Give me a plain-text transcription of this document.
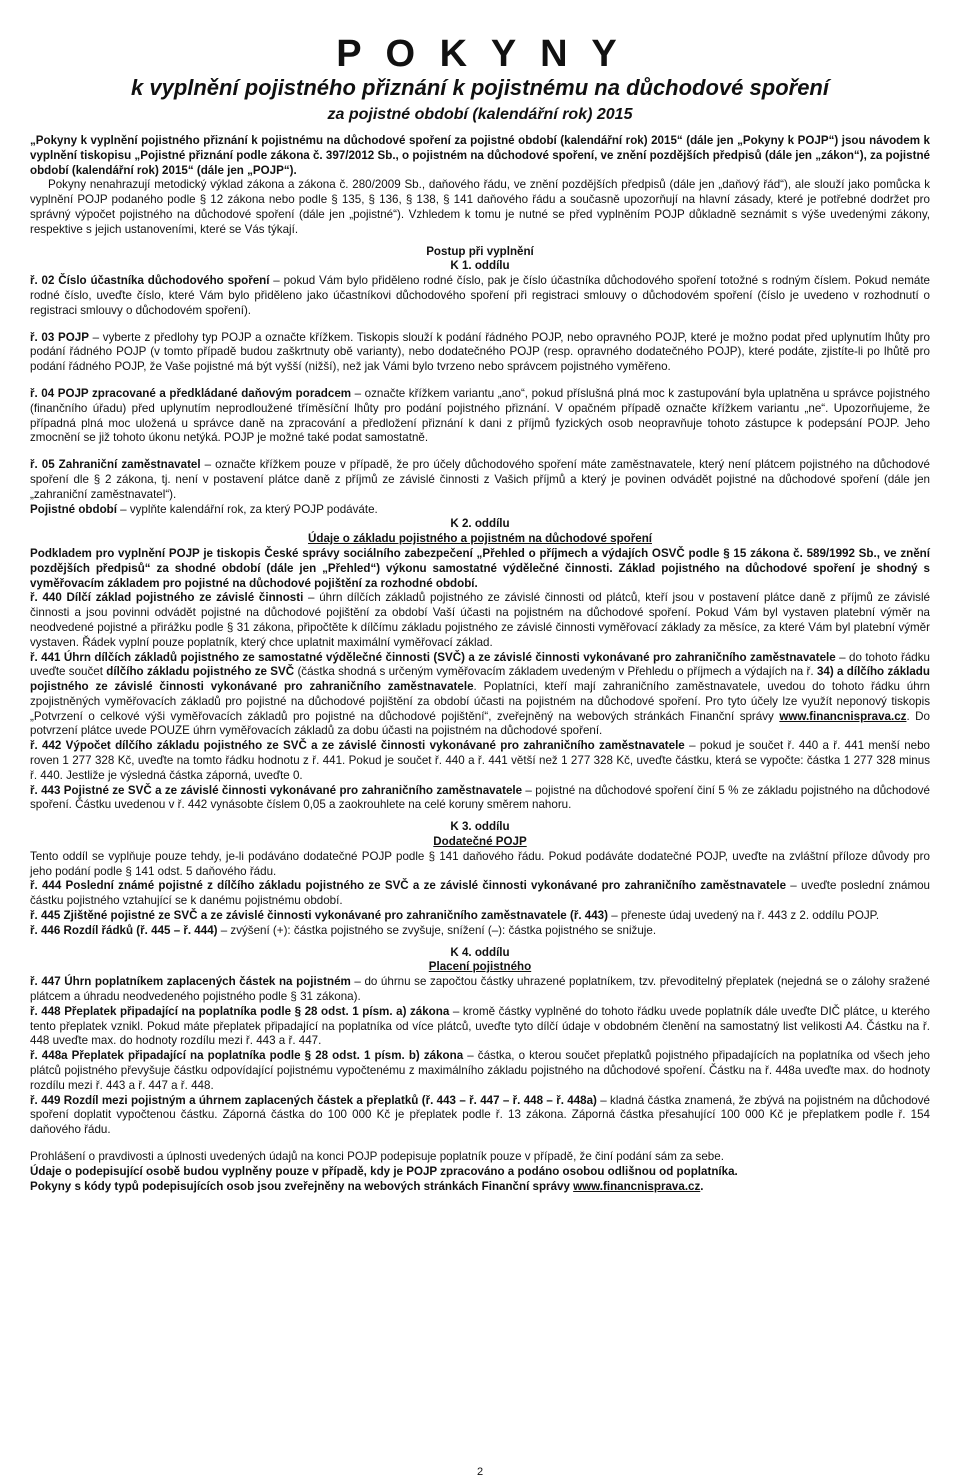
P O K Y N Y
k vyplnění pojistného přiznání k pojistnému na důchodové spoření
za pojistné období (kalendářní rok) 2015

„Pokyny k vyplnění pojistného přiznání k pojistnému na důchodové spoření za pojistné období (kalendářní rok) 2015“ (dále jen „Pokyny k POJP“) jsou návodem k vyplnění tiskopisu „Pojistné přiznání podle zákona č. 397/2012 Sb., o pojistném na důchodové spoření, ve znění pozdějších předpisů (dále jen „zákon“), za pojistné období (kalendářní rok) 2015“ (dále jen „POJP“).

Pokyny nenahrazují metodický výklad zákona a zákona č. 280/2009 Sb., daňového řádu, ve znění pozdějších předpisů (dále jen „daňový řád“), ale slouží jako pomůcka k vyplnění POJP podaného podle § 12 zákona nebo podle § 135, § 136, § 138, § 141 daňového řádu a současně upozorňují na hlavní zásady, které je potřebné dodržet pro správný výpočet pojistného na důchodové spoření (dále jen „pojistné“). Vzhledem k tomu je nutné se před vyplněním POJP důkladně seznámit s výše uvedenými zákony, respektive s jejich ustanoveními, které se Vás týkají.

Postup při vyplnění

K 1. oddílu

ř. 02 Číslo účastníka důchodového spoření – pokud Vám bylo přiděleno rodné číslo, pak je číslo účastníka důchodového spoření totožné s rodným číslem. Pokud nemáte rodné číslo, uveďte číslo, které Vám bylo přiděleno jako účastníkovi důchodového spoření při registraci smlouvy o důchodovém spoření (číslo je uvedeno v rozhodnutí o registraci smlouvy o důchodovém spoření).

ř. 03 POJP – vyberte z předlohy typ POJP a označte křížkem. Tiskopis slouží k podání řádného POJP, nebo opravného POJP, které je možno podat před uplynutím lhůty pro podání řádného POJP (v tomto případě budou zaškrtnuty obě varianty), nebo dodatečného POJP (resp. opravného dodatečného POJP), které podáte, zjistíte-li po lhůtě pro podání řádného POJP, že Vaše pojistné má být vyšší (nižší), než jak Vámi bylo tvrzeno nebo správcem pojistného vyměřeno.

ř. 04 POJP zpracované a předkládané daňovým poradcem – označte křížkem variantu „ano“, pokud příslušná plná moc k zastupování byla uplatněna u správce pojistného (finančního úřadu) před uplynutím neprodloužené tříměsíční lhůty pro podání pojistného přiznání. V opačném případě označte křížkem variantu „ne“. Upozorňujeme, že případná plná moc uložená u správce daně na zpracování a předložení přiznání k dani z příjmů fyzických osob neopravňuje tohoto zástupce k podepsání POJP. Jeho zmocnění se již tohoto úkonu netýká. POJP je možné také podat samostatně.

ř. 05 Zahraniční zaměstnavatel – označte křížkem pouze v případě, že pro účely důchodového spoření máte zaměstnavatele, který není plátcem pojistného na důchodové spoření dle § 2 zákona, tj. není v postavení plátce daně z příjmů ze závislé činnosti z Vašich příjmů a který je povinen odvádět pojistné na důchodové spoření (dále jen „zahraniční zaměstnavatel“).

Pojistné období – vyplňte kalendářní rok, za který POJP podáváte.

K 2. oddílu

Údaje o základu pojistného a pojistném na důchodové spoření

Podkladem pro vyplnění POJP je tiskopis České správy sociálního zabezpečení „Přehled o příjmech a výdajích OSVČ podle § 15 zákona č. 589/1992 Sb., ve znění pozdějších předpisů“ za shodné období (dále jen „Přehled“) výkonu samostatné výdělečné činnosti. Základ pojistného na důchodové spoření je shodný s vyměřovacím základem pro pojistné na důchodové pojištění za rozhodné období.

ř. 440 Dílčí základ pojistného ze závislé činnosti – úhrn dílčích základů pojistného ze závislé činnosti od plátců, kteří jsou v postavení plátce daně z příjmů ze závislé činnosti a jsou povinni odvádět pojistné na důchodové pojištění za období Vaší účasti na pojistném na důchodové spoření. Pokud Vám byl vystaven platební výměr na neodvedené pojistné a přirážku podle § 31 zákona, připočtěte k dílčímu základu pojistného ze závislé činnosti vyměřovací základy za měsíce, za které Vám byl platební výměr vystaven. Řádek vyplní pouze poplatník, který chce uplatnit maximální vyměřovací základ.

ř. 441 Úhrn dílčích základů pojistného ze samostatné výdělečné činnosti (SVČ) a ze závislé činnosti vykonávané pro zahraničního zaměstnavatele – do tohoto řádku uveďte součet dílčího základu pojistného ze SVČ (částka shodná s určeným vyměřovacím základem uvedeným v Přehledu o příjmech a výdajích na ř. 34) a dílčího základu pojistného ze závislé činnosti vykonávané pro zahraničního zaměstnavatele. Poplatníci, kteří mají zahraničního zaměstnavatele, uvedou do tohoto řádku úhrn zpojistněných vyměřovacích základů pro pojistné na důchodové pojištění za období účasti na pojistném na důchodové spoření. Pro tyto účely lze využít neponový tiskopis „Potvrzení o celkové výši vyměřovacích základů pro pojistné na důchodové pojištění“, zveřejněný na webových stránkách Finanční správy www.financnisprava.cz. Do potvrzení plátce uvede POUZE úhrn vyměřovacích základů za dobu účasti na pojistném na důchodové spoření.

ř. 442 Výpočet dílčího základu pojistného ze SVČ a ze závislé činnosti vykonávané pro zahraničního zaměstnavatele – pokud je součet ř. 440 a ř. 441 menší nebo roven 1 277 328 Kč, uveďte na tomto řádku hodnotu z ř. 441. Pokud je součet ř. 440 a ř. 441 větší než 1 277 328 Kč, uveďte částku, která se vypočte: částka 1 277 328 minus ř. 440. Jestliže je výsledná částka záporná, uveďte 0.

ř. 443 Pojistné ze SVČ a ze závislé činnosti vykonávané pro zahraničního zaměstnavatele – pojistné na důchodové spoření činí 5 % ze základu pojistného na důchodové spoření. Částku uvedenou v ř. 442 vynásobte číslem 0,05 a zaokrouhlete na celé koruny směrem nahoru.

K 3. oddílu

Dodatečné POJP

Tento oddíl se vyplňuje pouze tehdy, je-li podáváno dodatečné POJP podle § 141 daňového řádu. Pokud podáváte dodatečné POJP, uveďte na zvláštní příloze důvody pro jeho podání podle § 141 odst. 5 daňového řádu.

ř. 444 Poslední známé pojistné z dílčího základu pojistného ze SVČ a ze závislé činnosti vykonávané pro zahraničního zaměstnavatele – uveďte poslední známou částku pojistného vztahující se k danému pojistnému období.

ř. 445 Zjištěné pojistné ze SVČ a ze závislé činnosti vykonávané pro zahraničního zaměstnavatele (ř. 443) – přeneste údaj uvedený na ř. 443 z 2. oddílu POJP.

ř. 446 Rozdíl řádků (ř. 445 – ř. 444) – zvýšení (+): částka pojistného se zvyšuje, snížení (–): částka pojistného se snižuje.

K 4. oddílu

Placení pojistného

ř. 447 Úhrn poplatníkem zaplacených částek na pojistném – do úhrnu se započtou částky uhrazené poplatníkem, tzv. převoditelný přeplatek (nejedná se o zálohy sražené plátcem a úhradu neodvedeného pojistného podle § 31 zákona).

ř. 448 Přeplatek připadající na poplatníka podle § 28 odst. 1 písm. a) zákona – kromě částky vyplněné do tohoto řádku uvede poplatník dále uveďte DIČ plátce, u kterého tento přeplatek vznikl. Pokud máte přeplatek připadající na poplatníka od více plátců, uveďte tyto dílčí údaje v obdobném členění na samostatný list velikosti A4. Částku na ř. 448 uveďte max. do hodnoty rozdílu mezi ř. 443 a ř. 447.

ř. 448a Přeplatek připadající na poplatníka podle § 28 odst. 1 písm. b) zákona – částka, o kterou součet přeplatků pojistného připadajících na poplatníka od všech jeho plátců pojistného převyšuje částku odpovídající pojistnému vypočtenému z maximálního základu pojistného na důchodové spoření. Částku na ř. 448a uveďte max. do hodnoty rozdílu mezi ř. 443 a ř. 447 a ř. 448.

ř. 449 Rozdíl mezi pojistným a úhrnem zaplacených částek a přeplatků (ř. 443 – ř. 447 – ř. 448 – ř. 448a) – kladná částka znamená, že zbývá na pojistném na důchodové spoření doplatit vypočtenou částku. Záporná částka do 100 000 Kč je přeplatek podle ř. 13 zákona. Záporná částka přesahující 100 000 Kč je přeplatkem podle ř. 154 daňového řádu.

Prohlášení o pravdivosti a úplnosti uvedených údajů na konci POJP podepisuje poplatník pouze v případě, že činí podání sám za sebe.

Údaje o podepisující osobě budou vyplněny pouze v případě, kdy je POJP zpracováno a podáno osobou odlišnou od poplatníka.

Pokyny s kódy typů podepisujících osob jsou zveřejněny na webových stránkách Finanční správy www.financnisprava.cz.

2
